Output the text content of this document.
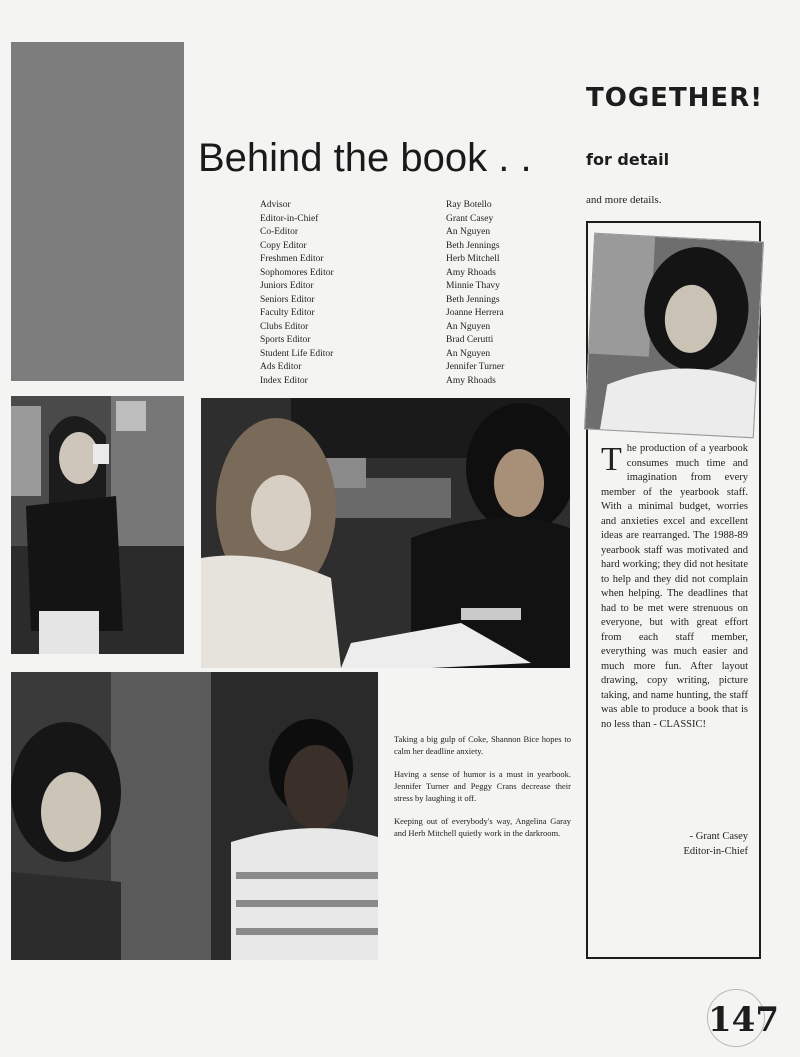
TOGETHER!
Behind the book . .	for detail
and more details.
Advisor	Ray Botello
Editor-in-Chief	Grant Casey
Co-Editor	An Nguyen
Copy Editor	Beth Jennings
Freshmen Editor	Herb Mitchell
Sophomores Editor	Amy Rhoads
Juniors Editor	Minnie Thavy
Seniors Editor	Beth Jennings
Faculty Editor	Joanne Herrera
Clubs Editor	An Nguyen
Sports Editor	Brad Cerutti
Student Life Editor	An Nguyen
Ads Editor	Jennifer Turner
Index Editor	Amy Rhoads

Taking a big gulp of Coke, Shannon Bice hopes to calm her deadline anxiety.

Having a sense of humor is a must in yearbook. Jennifer Turner and Peggy Crans decrease their stress by laughing it off.

Keeping out of everybody's way, Angelina Garay and Herb Mitchell quietly work in the darkroom.

The production of a yearbook consumes much time and imagination from every member of the yearbook staff. With a minimal budget, worries and anxieties excel and excellent ideas are rearranged. The 1988-89 yearbook staff was motivated and hard working; they did not hesitate to help and they did not complain when helping. The deadlines that had to be met were strenuous on everyone, but with great effort from each staff member, everything was much easier and much more fun. After layout drawing, copy writing, picture taking, and name hunting, the staff was able to produce a book that is no less than - CLASSIC!
- Grant Casey
Editor-in-Chief
147
